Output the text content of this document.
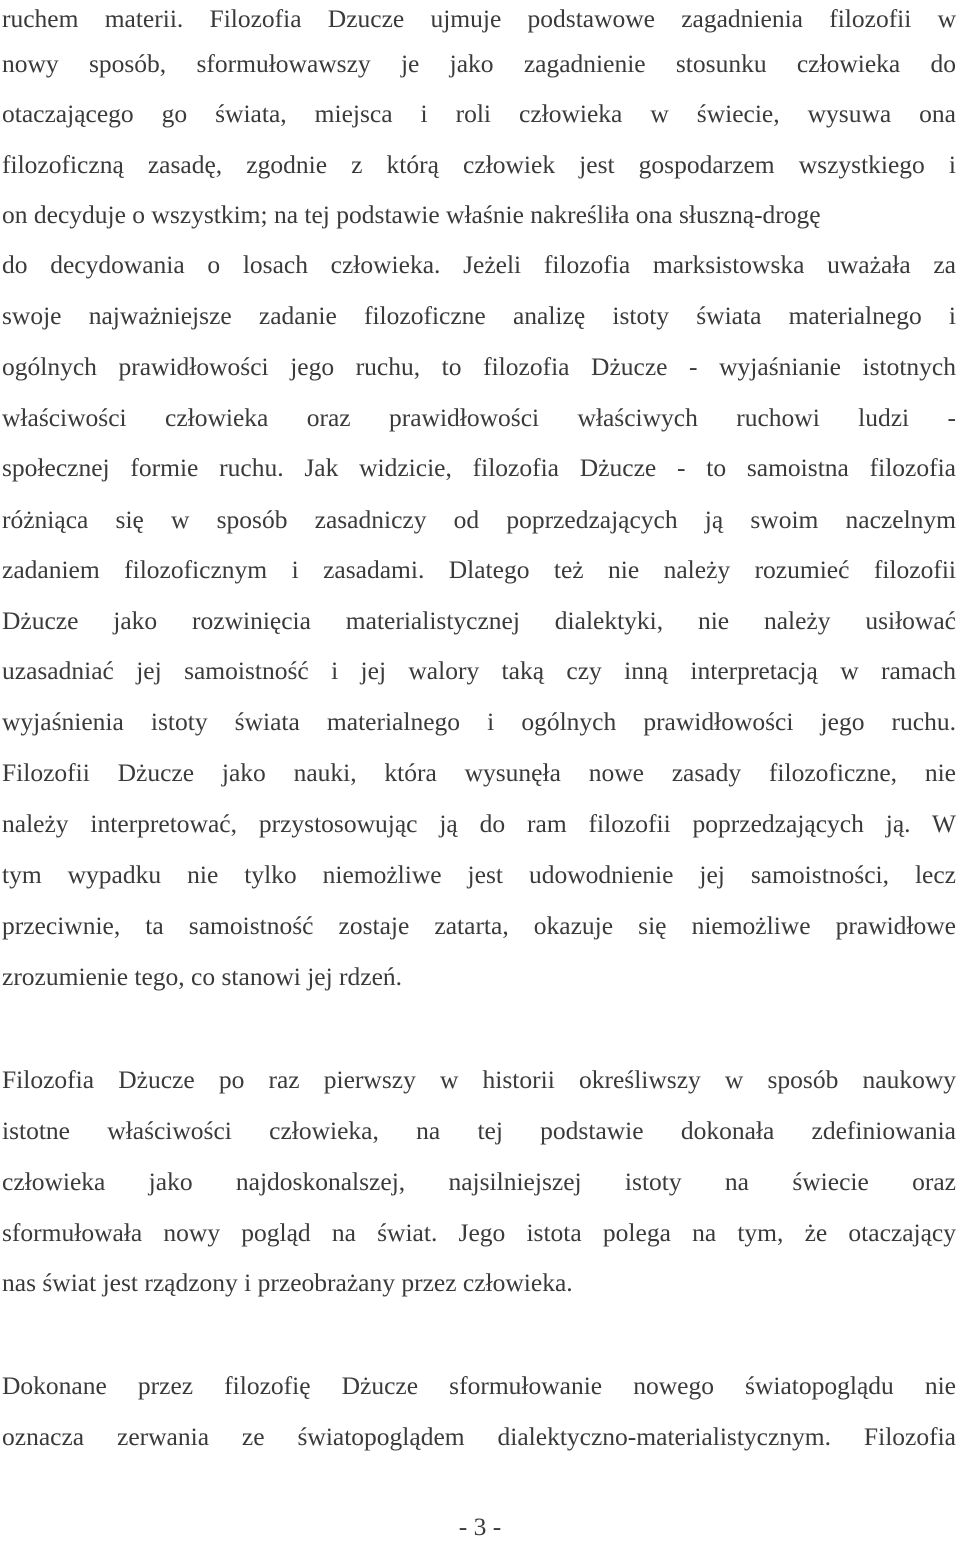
ruchem materii. Filozofia Dzucze ujmuje podstawowe zagadnienia filozofii w
nowy sposób, sformułowawszy je jako zagadnienie stosunku człowieka do
otaczającego go świata, miejsca i roli człowieka w świecie, wysuwa ona
filozoficzną zasadę, zgodnie z którą człowiek jest gospodarzem wszystkiego i
on decyduje o wszystkim; na tej podstawie właśnie nakreśliła ona słuszną-drogę
do decydowania o losach człowieka. Jeżeli filozofia marksistowska uważała za
swoje najważniejsze zadanie filozoficzne analizę istoty świata materialnego i
ogólnych prawidłowości jego ruchu, to filozofia Dżucze - wyjaśnianie istotnych
właściwości człowieka oraz prawidłowości właściwych ruchowi ludzi -
społecznej formie ruchu. Jak widzicie, filozofia Dżucze - to samoistna filozofia
różniąca się w sposób zasadniczy od poprzedzających ją swoim naczelnym
zadaniem filozoficznym i zasadami. Dlatego też nie należy rozumieć filozofii
Dżucze jako rozwinięcia materialistycznej dialektyki, nie należy usiłować
uzasadniać jej samoistność i jej walory taką czy inną interpretacją w ramach
wyjaśnienia istoty świata materialnego i ogólnych prawidłowości jego ruchu.
Filozofii Dżucze jako nauki, która wysunęła nowe zasady filozoficzne, nie
należy interpretować, przystosowując ją do ram filozofii poprzedzających ją. W
tym wypadku nie tylko niemożliwe jest udowodnienie jej samoistności, lecz
przeciwnie, ta samoistność zostaje zatarta, okazuje się niemożliwe prawidłowe
zrozumienie tego, co stanowi jej rdzeń.
Filozofia Dżucze po raz pierwszy w historii określiwszy w sposób naukowy
istotne właściwości człowieka, na tej podstawie dokonała zdefiniowania
człowieka jako najdoskonalszej, najsilniejszej istoty na świecie oraz
sformułowała nowy pogląd na świat. Jego istota polega na tym, że otaczający
nas świat jest rządzony i przeobrażany przez człowieka.
Dokonane przez filozofię Dżucze sformułowanie nowego światopoglądu nie
oznacza zerwania ze światopoglądem dialektyczno-materialistycznym. Filozofia
- 3 -
